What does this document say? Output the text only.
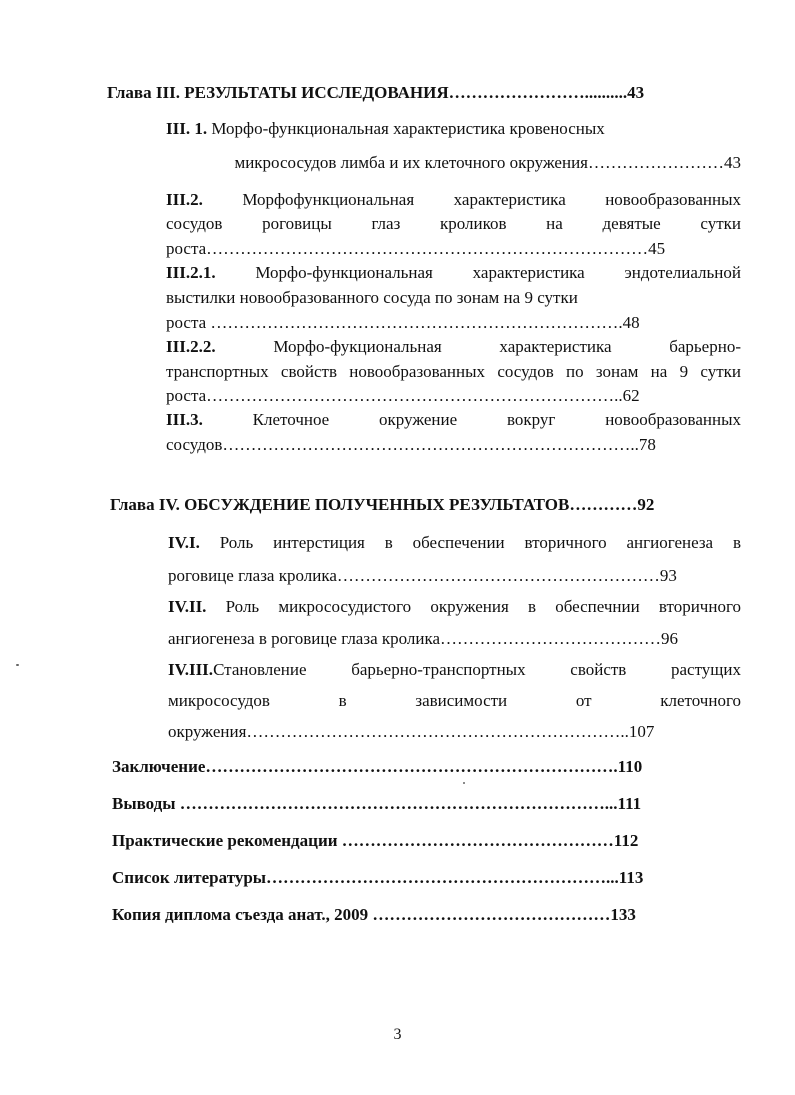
Глава III. РЕЗУЛЬТАТЫ ИССЛЕДОВАНИЯ……………………..........43

III. 1. Морфо-функциональная характеристика кровеносных

микрососудов лимба и их клеточного окружения……………………43

III.2. Морфофункциональная характеристика новообразованных

сосудов роговицы глаз кроликов на девятые сутки

роста……………………………………………………………………45

III.2.1. Морфо-функциональная характеристика эндотелиальной

выстилки новообразованного сосуда по зонам на 9 сутки

роста ……………………………………………………………….48

III.2.2. Морфо-фукциональная характеристика барьерно-

транспортных свойств новообразованных сосудов по зонам на 9 сутки

роста………………………………………………………………..62

III.3. Клеточное окружение вокруг новообразованных

сосудов………………………………………………………………..78

Глава IV. ОБСУЖДЕНИЕ ПОЛУЧЕННЫХ РЕЗУЛЬТАТОВ…………92

IV.I. Роль интерстиция в обеспечении вторичного ангиогенеза в

роговице глаза кролика…………………………………………………93

IV.II. Роль микрососудистого окружения в обеспечнии вторичного

ангиогенеза в роговице глаза кролика…………………………………96

IV.III.Становление барьерно-транспортных свойств растущих

микрососудов в зависимости от клеточного

окружения…………………………………………………………..107

Заключение……………………………………………………………….110

Выводы …………………………………………………………………...111

Практические рекомендации …………………………………………112

Список литературы……………………………………………………...113

Копия диплома съезда анат., 2009 ……………………………………133

3
